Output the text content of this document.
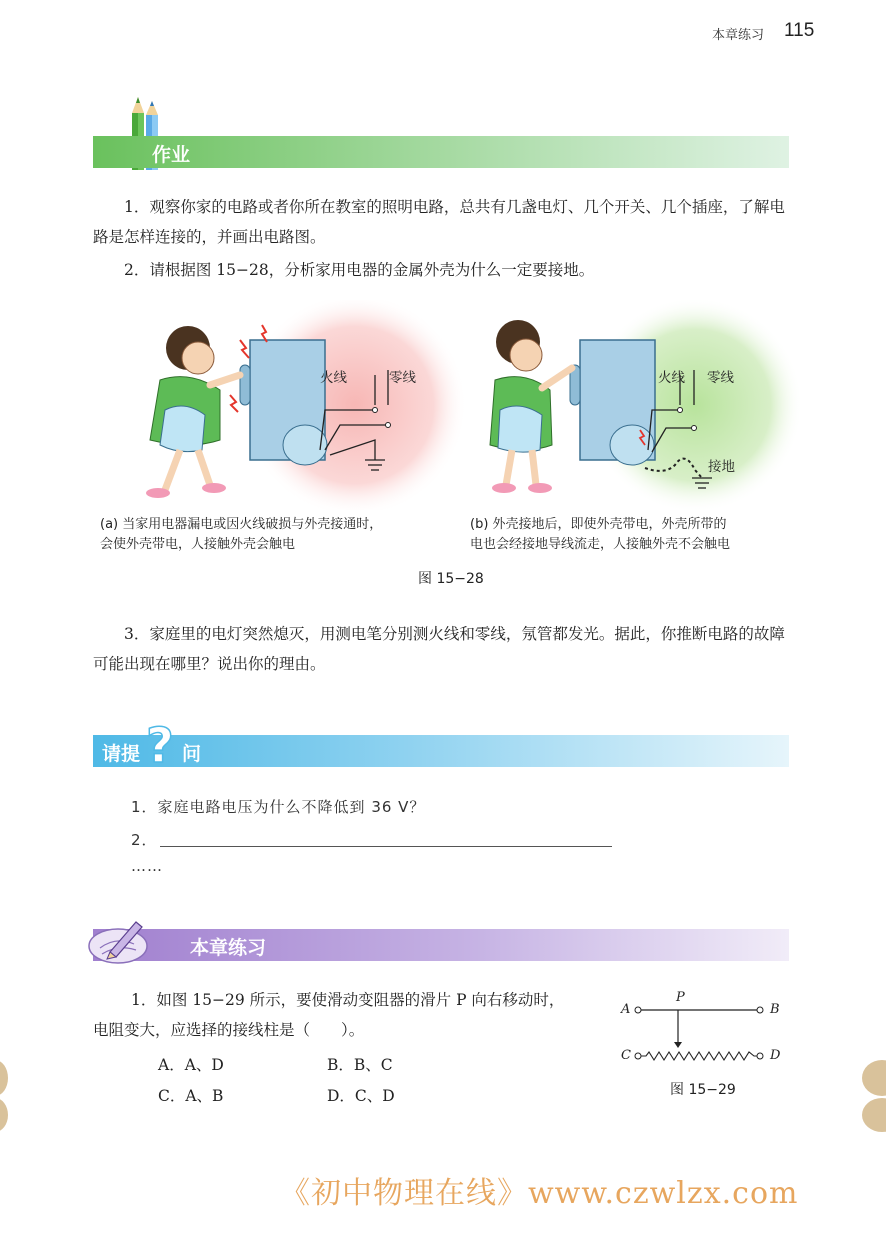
本章练习 115
作业
1．观察你家的电路或者你所在教室的照明电路，总共有几盏电灯、几个开关、几个插座，了解电路是怎样连接的，并画出电路图。
2．请根据图 15−28，分析家用电器的金属外壳为什么一定要接地。
火线	零线	火线 零线
接地
(a) 当家用电器漏电或因火线破损与外壳接通时，
会使外壳带电，人接触外壳会触电
(b) 外壳接地后，即使外壳带电，外壳所带的
电也会经接地导线流走，人接触外壳不会触电
图 15−28
3．家庭里的电灯突然熄灭，用测电笔分别测火线和零线，氖管都发光。据此，你推断电路的故障可能出现在哪里？说出你的理由。
请提 ? 问
1．家庭电路电压为什么不降低到 36 V？
2．
……
本章练习
1．如图 15−29 所示，要使滑动变阻器的滑片 P 向右移动时，
电阻变大，应选择的接线柱是（　　）。
A．A、D	B．B、C
C．A、B	D．C、D
A
P
B
C	D
图 15−29
《初中物理在线》www.czwlzx.com
